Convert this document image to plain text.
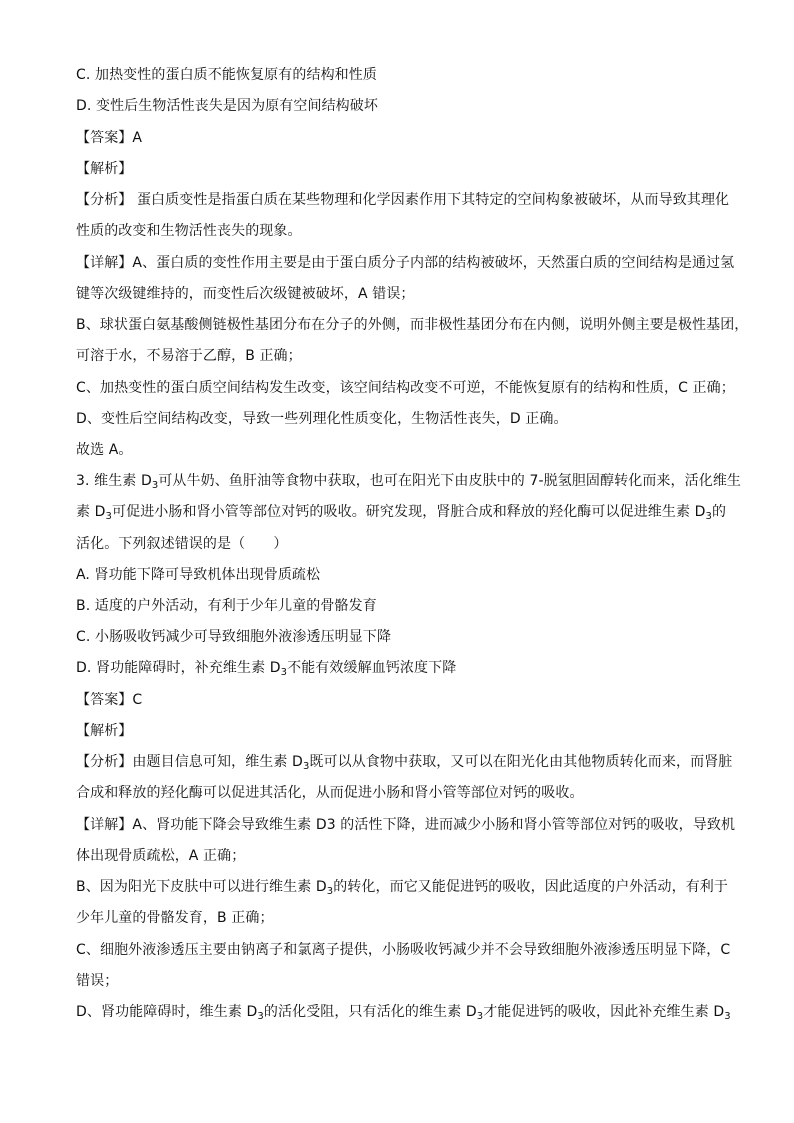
C. 加热变性的蛋白质不能恢复原有的结构和性质
D. 变性后生物活性丧失是因为原有空间结构破坏
【答案】A
【解析】
【分析】 蛋白质变性是指蛋白质在某些物理和化学因素作用下其特定的空间构象被破坏，从而导致其理化
性质的改变和生物活性丧失的现象。
【详解】A、蛋白质的变性作用主要是由于蛋白质分子内部的结构被破坏，天然蛋白质的空间结构是通过氢
键等次级键维持的，而变性后次级键被破坏，A 错误；
B、球状蛋白氨基酸侧链极性基团分布在分子的外侧，而非极性基团分布在内侧，说明外侧主要是极性基团，
可溶于水，不易溶于乙醇，B 正确；
C、加热变性的蛋白质空间结构发生改变，该空间结构改变不可逆，不能恢复原有的结构和性质，C 正确；
D、变性后空间结构改变，导致一些列理化性质变化，生物活性丧失，D 正确。
故选 A。
3. 维生素 $D_3$可从牛奶、鱼肝油等食物中获取，也可在阳光下由皮肤中的 7-脱氢胆固醇转化而来，活化维生
素 $D_3$可促进小肠和肾小管等部位对钙的吸收。研究发现，肾脏合成和释放的羟化酶可以促进维生素 $D_3$的
活化。下列叙述错误的是（　　）
A. 肾功能下降可导致机体出现骨质疏松
B. 适度的户外活动，有利于少年儿童的骨骼发育
C. 小肠吸收钙减少可导致细胞外液渗透压明显下降
D. 肾功能障碍时，补充维生素 $D_3$不能有效缓解血钙浓度下降
【答案】C
【解析】
【分析】由题目信息可知，维生素 $D_3$既可以从食物中获取，又可以在阳光化由其他物质转化而来，而肾脏
合成和释放的羟化酶可以促进其活化，从而促进小肠和肾小管等部位对钙的吸收。
【详解】A、肾功能下降会导致维生素 D3 的活性下降，进而减少小肠和肾小管等部位对钙的吸收，导致机
体出现骨质疏松，A 正确；
B、因为阳光下皮肤中可以进行维生素 $D_3$的转化，而它又能促进钙的吸收，因此适度的户外活动，有利于
少年儿童的骨骼发育，B 正确；
C、细胞外液渗透压主要由钠离子和氯离子提供，小肠吸收钙减少并不会导致细胞外液渗透压明显下降，C
错误；
D、肾功能障碍时，维生素 $D_3$的活化受阻，只有活化的维生素 $D_3$才能促进钙的吸收，因此补充维生素 $D_3$
